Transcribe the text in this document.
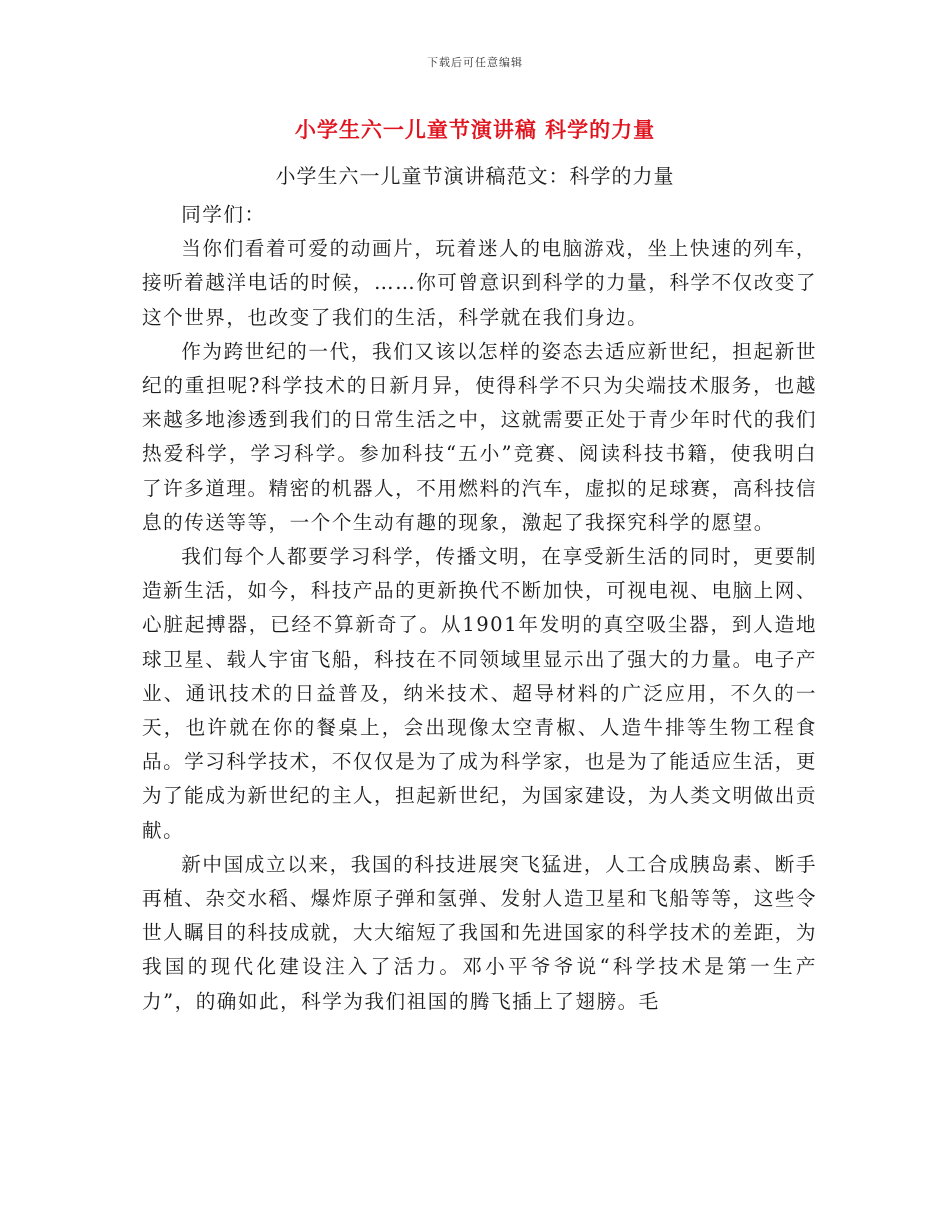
下载后可任意编辑
小学生六一儿童节演讲稿 科学的力量
小学生六一儿童节演讲稿范文：科学的力量

同学们：

当你们看着可爱的动画片，玩着迷人的电脑游戏，坐上快速的列车，接听着越洋电话的时候，……你可曾意识到科学的力量，科学不仅改变了这个世界，也改变了我们的生活，科学就在我们身边。

作为跨世纪的一代，我们又该以怎样的姿态去适应新世纪，担起新世纪的重担呢?科学技术的日新月异，使得科学不只为尖端技术服务，也越来越多地渗透到我们的日常生活之中，这就需要正处于青少年时代的我们热爱科学，学习科学。参加科技“五小”竞赛、阅读科技书籍，使我明白了许多道理。精密的机器人，不用燃料的汽车，虚拟的足球赛，高科技信息的传送等等，一个个生动有趣的现象，激起了我探究科学的愿望。

我们每个人都要学习科学，传播文明，在享受新生活的同时，更要制造新生活，如今，科技产品的更新换代不断加快，可视电视、电脑上网、心脏起搏器，已经不算新奇了。从1901年发明的真空吸尘器，到人造地球卫星、载人宇宙飞船，科技在不同领域里显示出了强大的力量。电子产业、通讯技术的日益普及，纳米技术、超导材料的广泛应用，不久的一天，也许就在你的餐桌上，会出现像太空青椒、人造牛排等生物工程食品。学习科学技术，不仅仅是为了成为科学家，也是为了能适应生活，更为了能成为新世纪的主人，担起新世纪，为国家建设，为人类文明做出贡献。

新中国成立以来，我国的科技进展突飞猛进，人工合成胰岛素、断手再植、杂交水稻、爆炸原子弹和氢弹、发射人造卫星和飞船等等，这些令世人瞩目的科技成就，大大缩短了我国和先进国家的科学技术的差距，为我国的现代化建设注入了活力。邓小平爷爷说“科学技术是第一生产力”，的确如此，科学为我们祖国的腾飞插上了翅膀。毛
